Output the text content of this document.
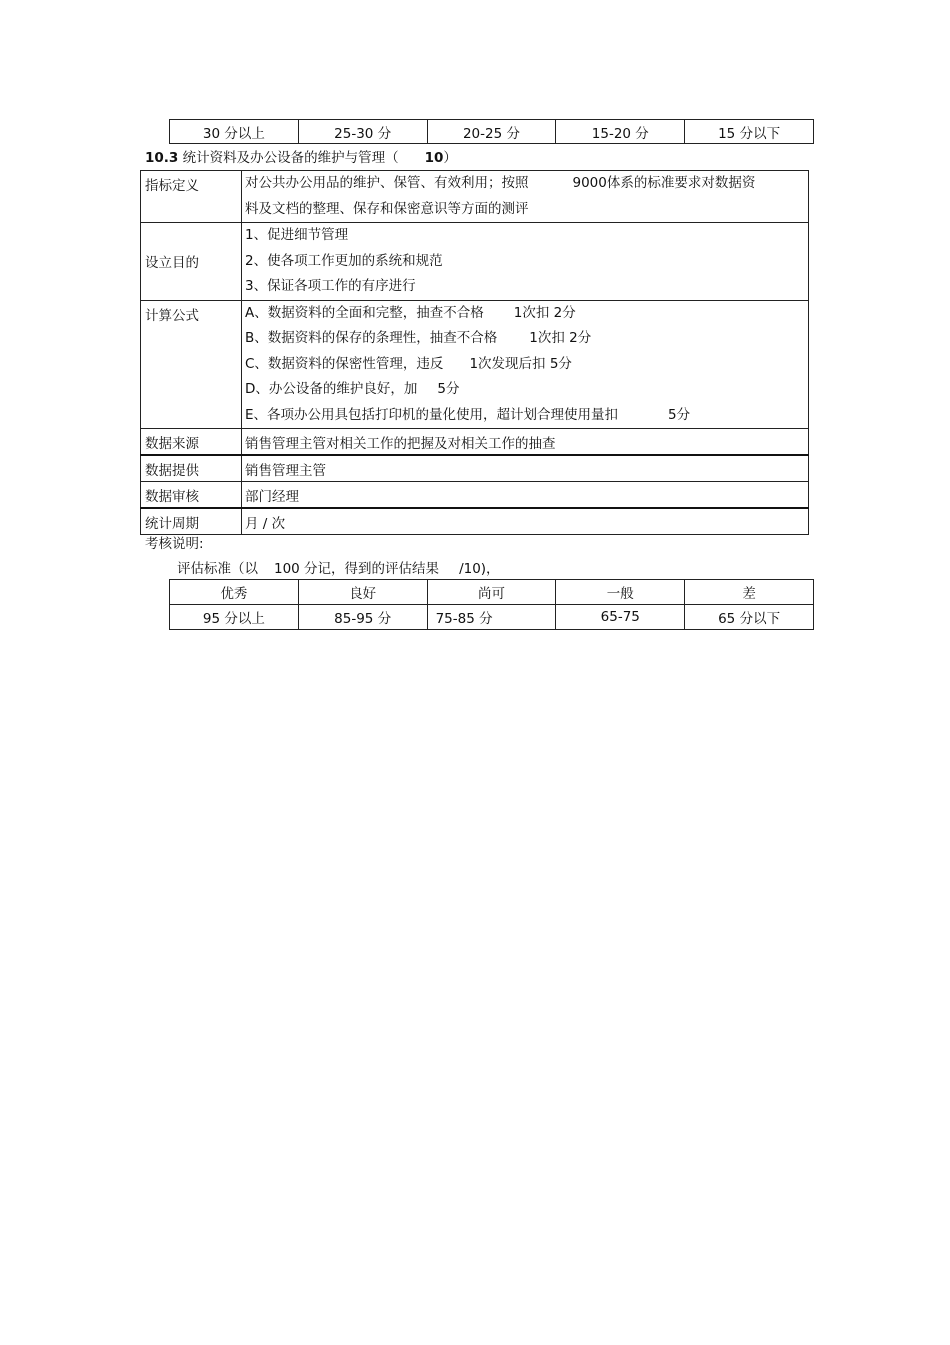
30 分以上	25-30 分	20-25 分	15-20 分	15 分以下
10.3 统计资料及办公设备的维护与管理（ 10）
指标定义	对公共办公用品的维护、保管、有效利用；按照 9000体系的标准要求对数据资
料及文档的整理、保存和保密意识等方面的测评

设立目的	1、促进细节管理
2、使各项工作更加的系统和规范
3、保证各项工作的有序进行

计算公式	A、数据资料的全面和完整，抽查不合格 1次扣 2分
B、数据资料的保存的条理性，抽查不合格 1次扣 2分
C、数据资料的保密性管理，违反 1次发现后扣 5分
D、办公设备的维护良好，加 5分
E、各项办公用具包括打印机的量化使用，超计划合理使用量扣 5分

数据来源	销售管理主管对相关工作的把握及对相关工作的抽查
数据提供	销售管理主管
数据审核	部门经理
统计周期	月 / 次
考核说明:
评估标准（以 100 分记，得到的评估结果 /10)，
优秀	良好	尚可	一般	差
95 分以上	85-95 分	75-85 分	65-75	65 分以下
